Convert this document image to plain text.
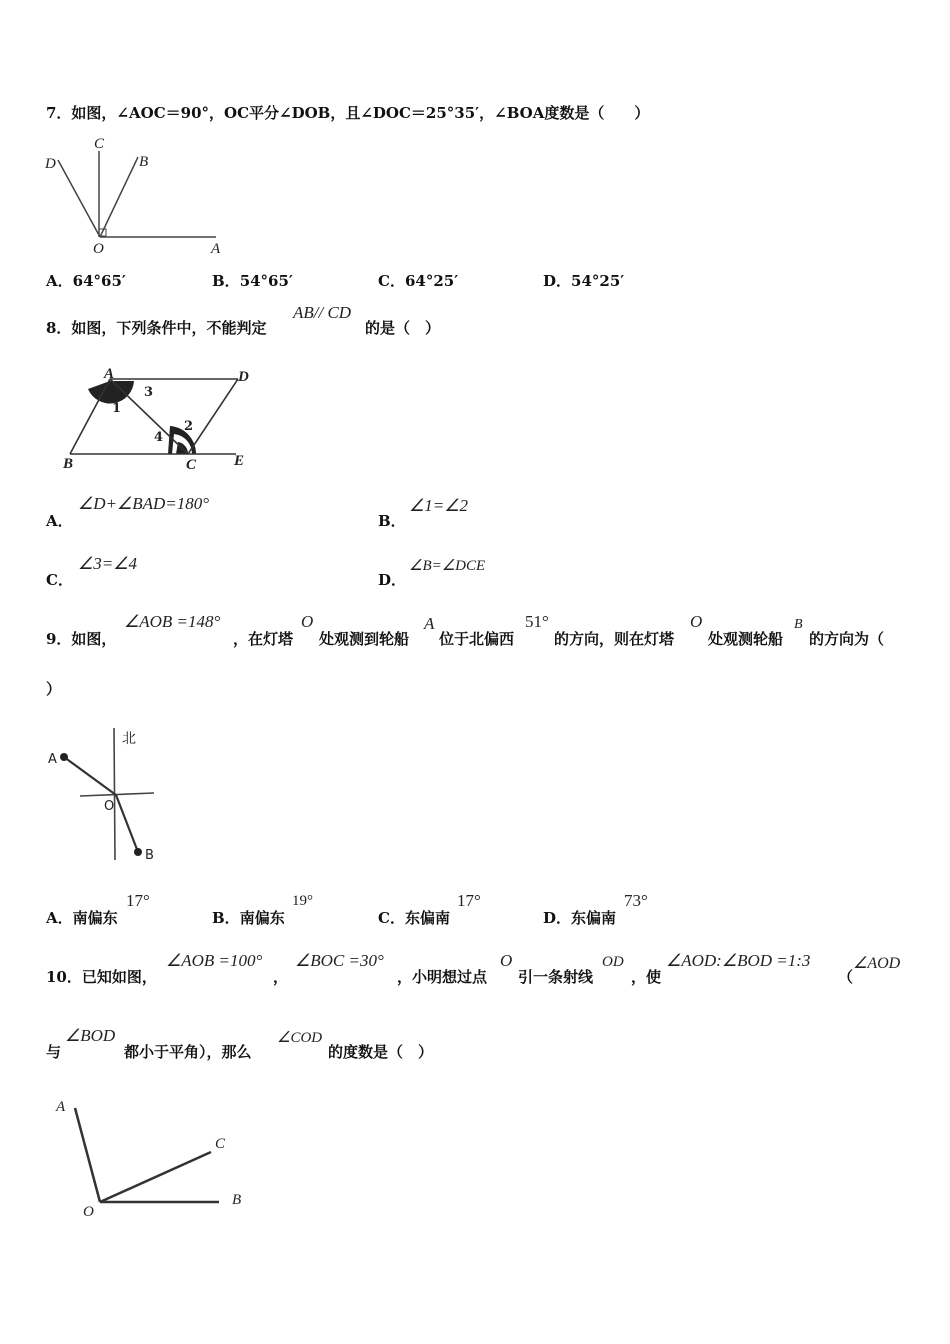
7．如图，∠AOC＝90°，OC平分∠DOB，且∠DOC＝25°35′，∠BOA度数是（　　）
C
D	B
O	A
A．64°65′	B．54°65′	C．64°25′	D．54°25′
8．如图，下列条件中，不能判定
AB// CD
的是（　）
A	D
B	C	E
1
2
3
4
A．
∠D+∠BAD=180°
B．
∠1=∠2
C．
∠3=∠4
D．
∠B=∠DCE
9．如图，
∠AOB =148°
，在灯塔
O
处观测到轮船
A
位于北偏西
51°
的方向，则在灯塔
O
处观测轮船
B
的方向为（
）
北
A
O
B
A．南偏东
17°
B．南偏东
19°
C．东偏南
17°
D．东偏南
73°
10．已知如图，
∠AOB =100°
，
∠BOC =30°
，小明想过点
O
引一条射线
OD
，使
∠AOD:∠BOD =1:3
（
∠AOD
与
∠BOD
都小于平角），那么
∠COD
的度数是（　）
A
C
O
B
